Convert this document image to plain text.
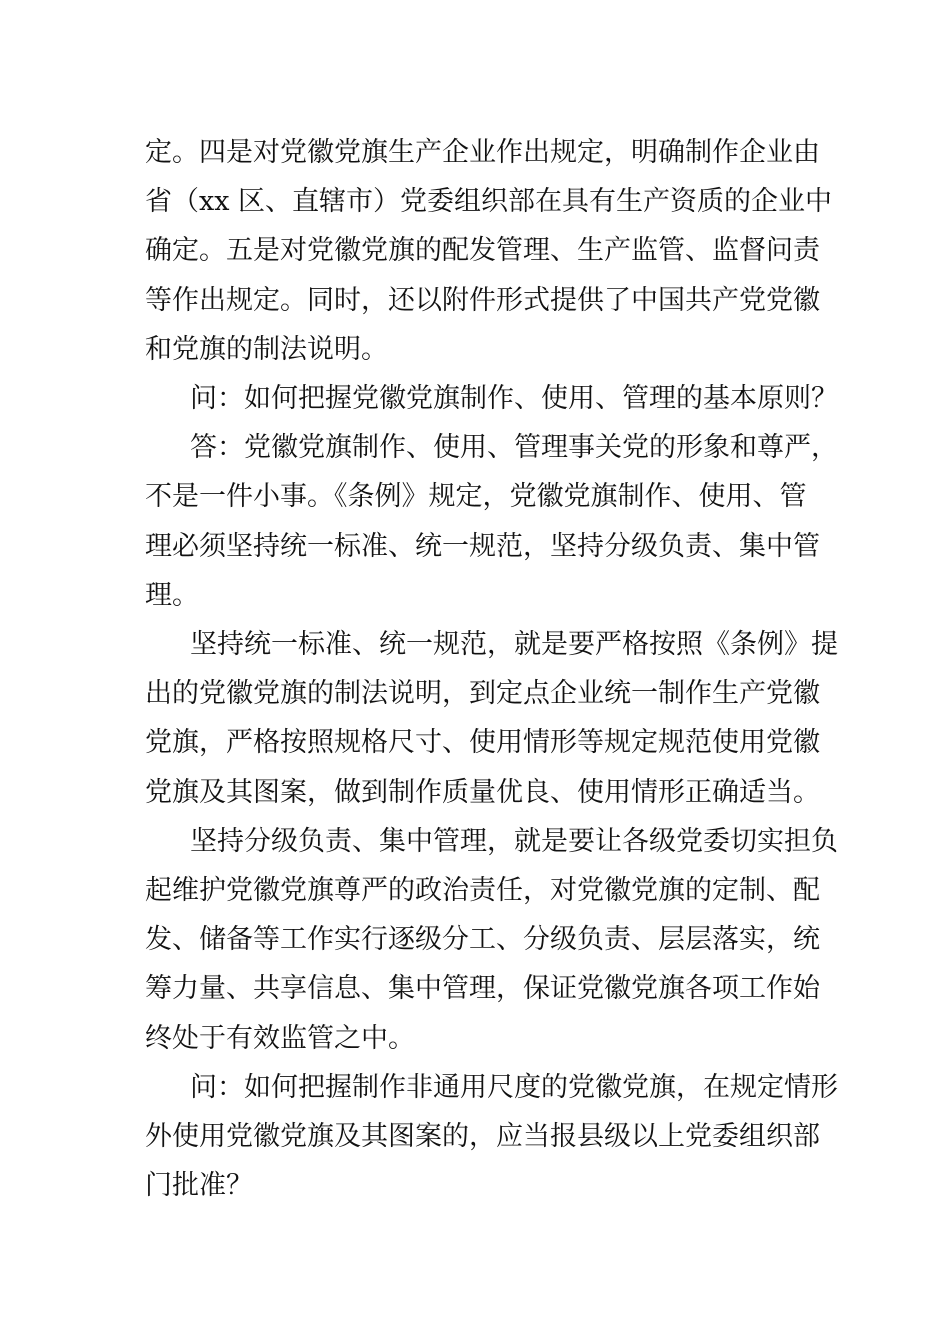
定。四是对党徽党旗生产企业作出规定，明确制作企业由
省（xx 区、直辖市）党委组织部在具有生产资质的企业中
确定。五是对党徽党旗的配发管理、生产监管、监督问责
等作出规定。同时，还以附件形式提供了中国共产党党徽
和党旗的制法说明。
问：如何把握党徽党旗制作、使用、管理的基本原则？
答：党徽党旗制作、使用、管理事关党的形象和尊严，
不是一件小事。《条例》规定，党徽党旗制作、使用、管
理必须坚持统一标准、统一规范，坚持分级负责、集中管
理。
坚持统一标准、统一规范，就是要严格按照《条例》提
出的党徽党旗的制法说明，到定点企业统一制作生产党徽
党旗，严格按照规格尺寸、使用情形等规定规范使用党徽
党旗及其图案，做到制作质量优良、使用情形正确适当。
坚持分级负责、集中管理，就是要让各级党委切实担负
起维护党徽党旗尊严的政治责任，对党徽党旗的定制、配
发、储备等工作实行逐级分工、分级负责、层层落实，统
筹力量、共享信息、集中管理，保证党徽党旗各项工作始
终处于有效监管之中。
问：如何把握制作非通用尺度的党徽党旗，在规定情形
外使用党徽党旗及其图案的，应当报县级以上党委组织部
门批准？
